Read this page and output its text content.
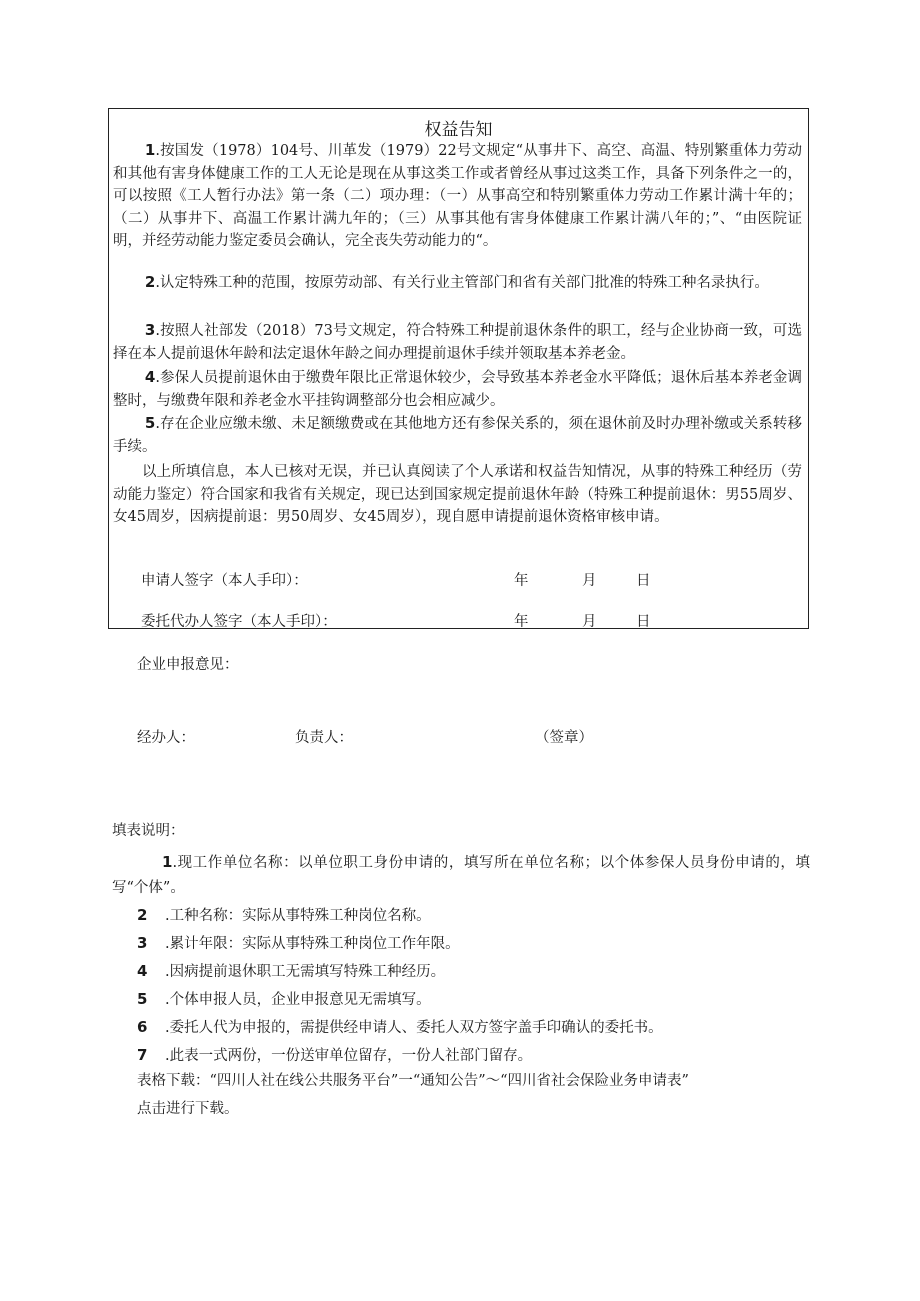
权益告知

1.按国发（1978）104号、川革发（1979）22号文规定“从事井下、高空、高温、特别繁重体力劳动和其他有害身体健康工作的工人无论是现在从事这类工作或者曾经从事过这类工作，具备下列条件之一的，可以按照《工人暂行办法》第一条（二）项办理：（一）从事高空和特别繁重体力劳动工作累计满十年的；（二）从事井下、高温工作累计满九年的；（三）从事其他有害身体健康工作累计满八年的；”、“由医院证明，并经劳动能力鉴定委员会确认，完全丧失劳动能力的“。

2.认定特殊工种的范围，按原劳动部、有关行业主管部门和省有关部门批准的特殊工种名录执行。

3.按照人社部发（2018）73号文规定，符合特殊工种提前退休条件的职工，经与企业协商一致，可选择在本人提前退休年龄和法定退休年龄之间办理提前退休手续并领取基本养老金。

4.参保人员提前退休由于缴费年限比正常退休较少，会导致基本养老金水平降低；退休后基本养老金调整时，与缴费年限和养老金水平挂钩调整部分也会相应减少。

5.存在企业应缴未缴、未足额缴费或在其他地方还有参保关系的，须在退休前及时办理补缴或关系转移手续。

以上所填信息，本人已核对无误，并已认真阅读了个人承诺和权益告知情况，从事的特殊工种经历（劳动能力鉴定）符合国家和我省有关规定，现已达到国家规定提前退休年龄（特殊工种提前退休：男55周岁、女45周岁，因病提前退：男50周岁、女45周岁），现自愿申请提前退休资格审核申请。

申请人签字（本人手印）：	年	月	日
委托代办人签字（本人手印）：	年	月	日
企业申报意见：
经办人：	负责人：	（签章）
填表说明：

1.现工作单位名称：以单位职工身份申请的，填写所在单位名称；以个体参保人员身份申请的，填写“个体”。

2 .工种名称：实际从事特殊工种岗位名称。

3 .累计年限：实际从事特殊工种岗位工作年限。

4 .因病提前退休职工无需填写特殊工种经历。

5 .个体申报人员，企业申报意见无需填写。

6 .委托人代为申报的，需提供经申请人、委托人双方签字盖手印确认的委托书。

7 .此表一式两份，一份送审单位留存，一份人社部门留存。

表格下载：“四川人社在线公共服务平台”一“通知公告”〜“四川省社会保险业务申请表”
点击进行下载。
